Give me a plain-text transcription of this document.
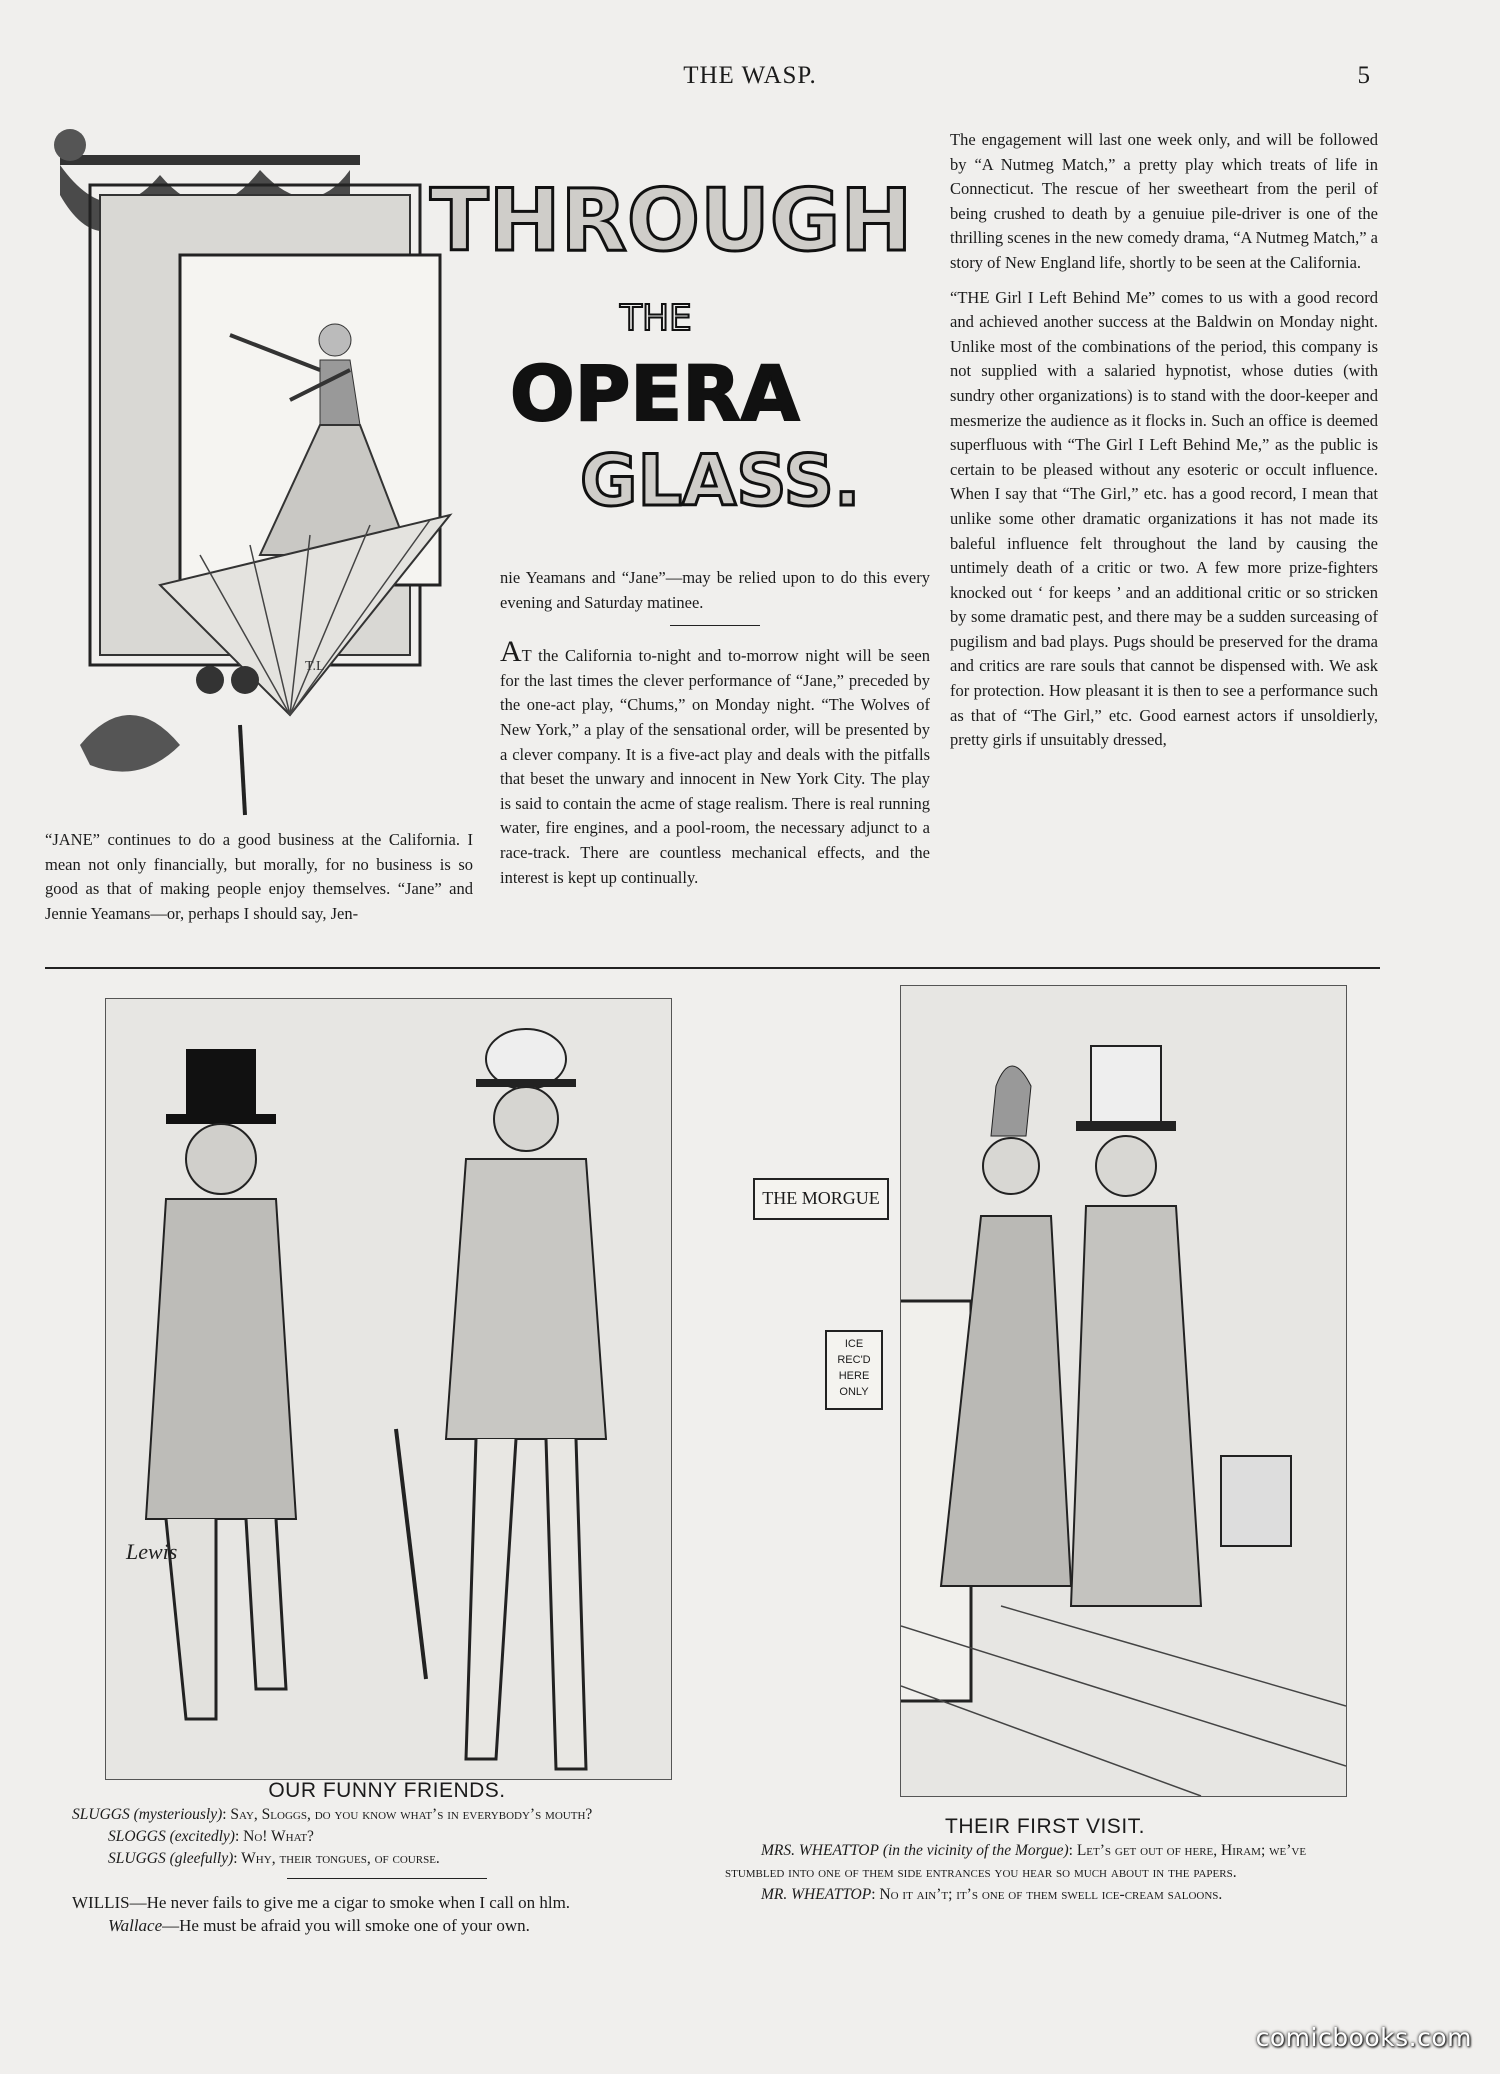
THE WASP.	5
T.L.
THROUGH
THE
OPERA
GLASS.

“JANE” continues to do a good business at the California. I mean not only financially, but morally, for no business is so good as that of making people enjoy themselves. “Jane” and Jennie Yeamans—or, perhaps I should say, Jen-

nie Yeamans and “Jane”—may be relied upon to do this every evening and Saturday matinee.

AT the California to-night and to-morrow night will be seen for the last times the clever performance of “Jane,” preceded by the one-act play, “Chums,” on Monday night. “The Wolves of New York,” a play of the sensational order, will be presented by a clever company. It is a five-act play and deals with the pitfalls that beset the unwary and innocent in New York City. The play is said to contain the acme of stage realism. There is real running water, fire engines, and a pool-room, the necessary adjunct to a race-track. There are countless mechanical effects, and the interest is kept up continually.

The engagement will last one week only, and will be followed by “A Nutmeg Match,” a pretty play which treats of life in Connecticut. The rescue of her sweetheart from the peril of being crushed to death by a genuiue pile-driver is one of the thrilling scenes in the new comedy drama, “A Nutmeg Match,” a story of New England life, shortly to be seen at the California.

“THE Girl I Left Behind Me” comes to us with a good record and achieved another success at the Baldwin on Monday night. Unlike most of the combinations of the period, this company is not supplied with a salaried hypnotist, whose duties (with sundry other organizations) is to stand with the door-keeper and mesmerize the audience as it flocks in. Such an office is deemed superfluous with “The Girl I Left Behind Me,” as the public is certain to be pleased without any esoteric or occult influence. When I say that “The Girl,” etc. has a good record, I mean that unlike some other dramatic organizations it has not made its baleful influence felt throughout the land by causing the untimely death of a critic or two. A few more prize-fighters knocked out ‘ for keeps ’ and an additional critic or so stricken by some dramatic pest, and there may be a sudden surceasing of pugilism and bad plays. Pugs should be preserved for the drama and critics are rare souls that cannot be dispensed with. We ask for protection. How pleasant it is then to see a performance such as that of “The Girl,” etc. Good earnest actors if unsoldierly, pretty girls if unsuitably dressed,

Lewis
THE MORGUE
ICE REC'D HERE ONLY
OUR FUNNY FRIENDS.

SLUGGS (mysteriously): Say, Sloggs, do you know what’s in everybody’s mouth?

SLOGGS (excitedly): No! What?

SLUGGS (gleefully): Why, their tongues, of course.

WILLIS—He never fails to give me a cigar to smoke when I call on hlm.

Wallace—He must be afraid you will smoke one of your own.

THEIR FIRST VISIT.

MRS. WHEATTOP (in the vicinity of the Morgue): Let’s get out of here, Hiram; we’ve stumbled into one of them side entrances you hear so much about in the papers.

MR. WHEATTOP: No it ain’t; it’s one of them swell ice-cream saloons.

comicbooks.com
